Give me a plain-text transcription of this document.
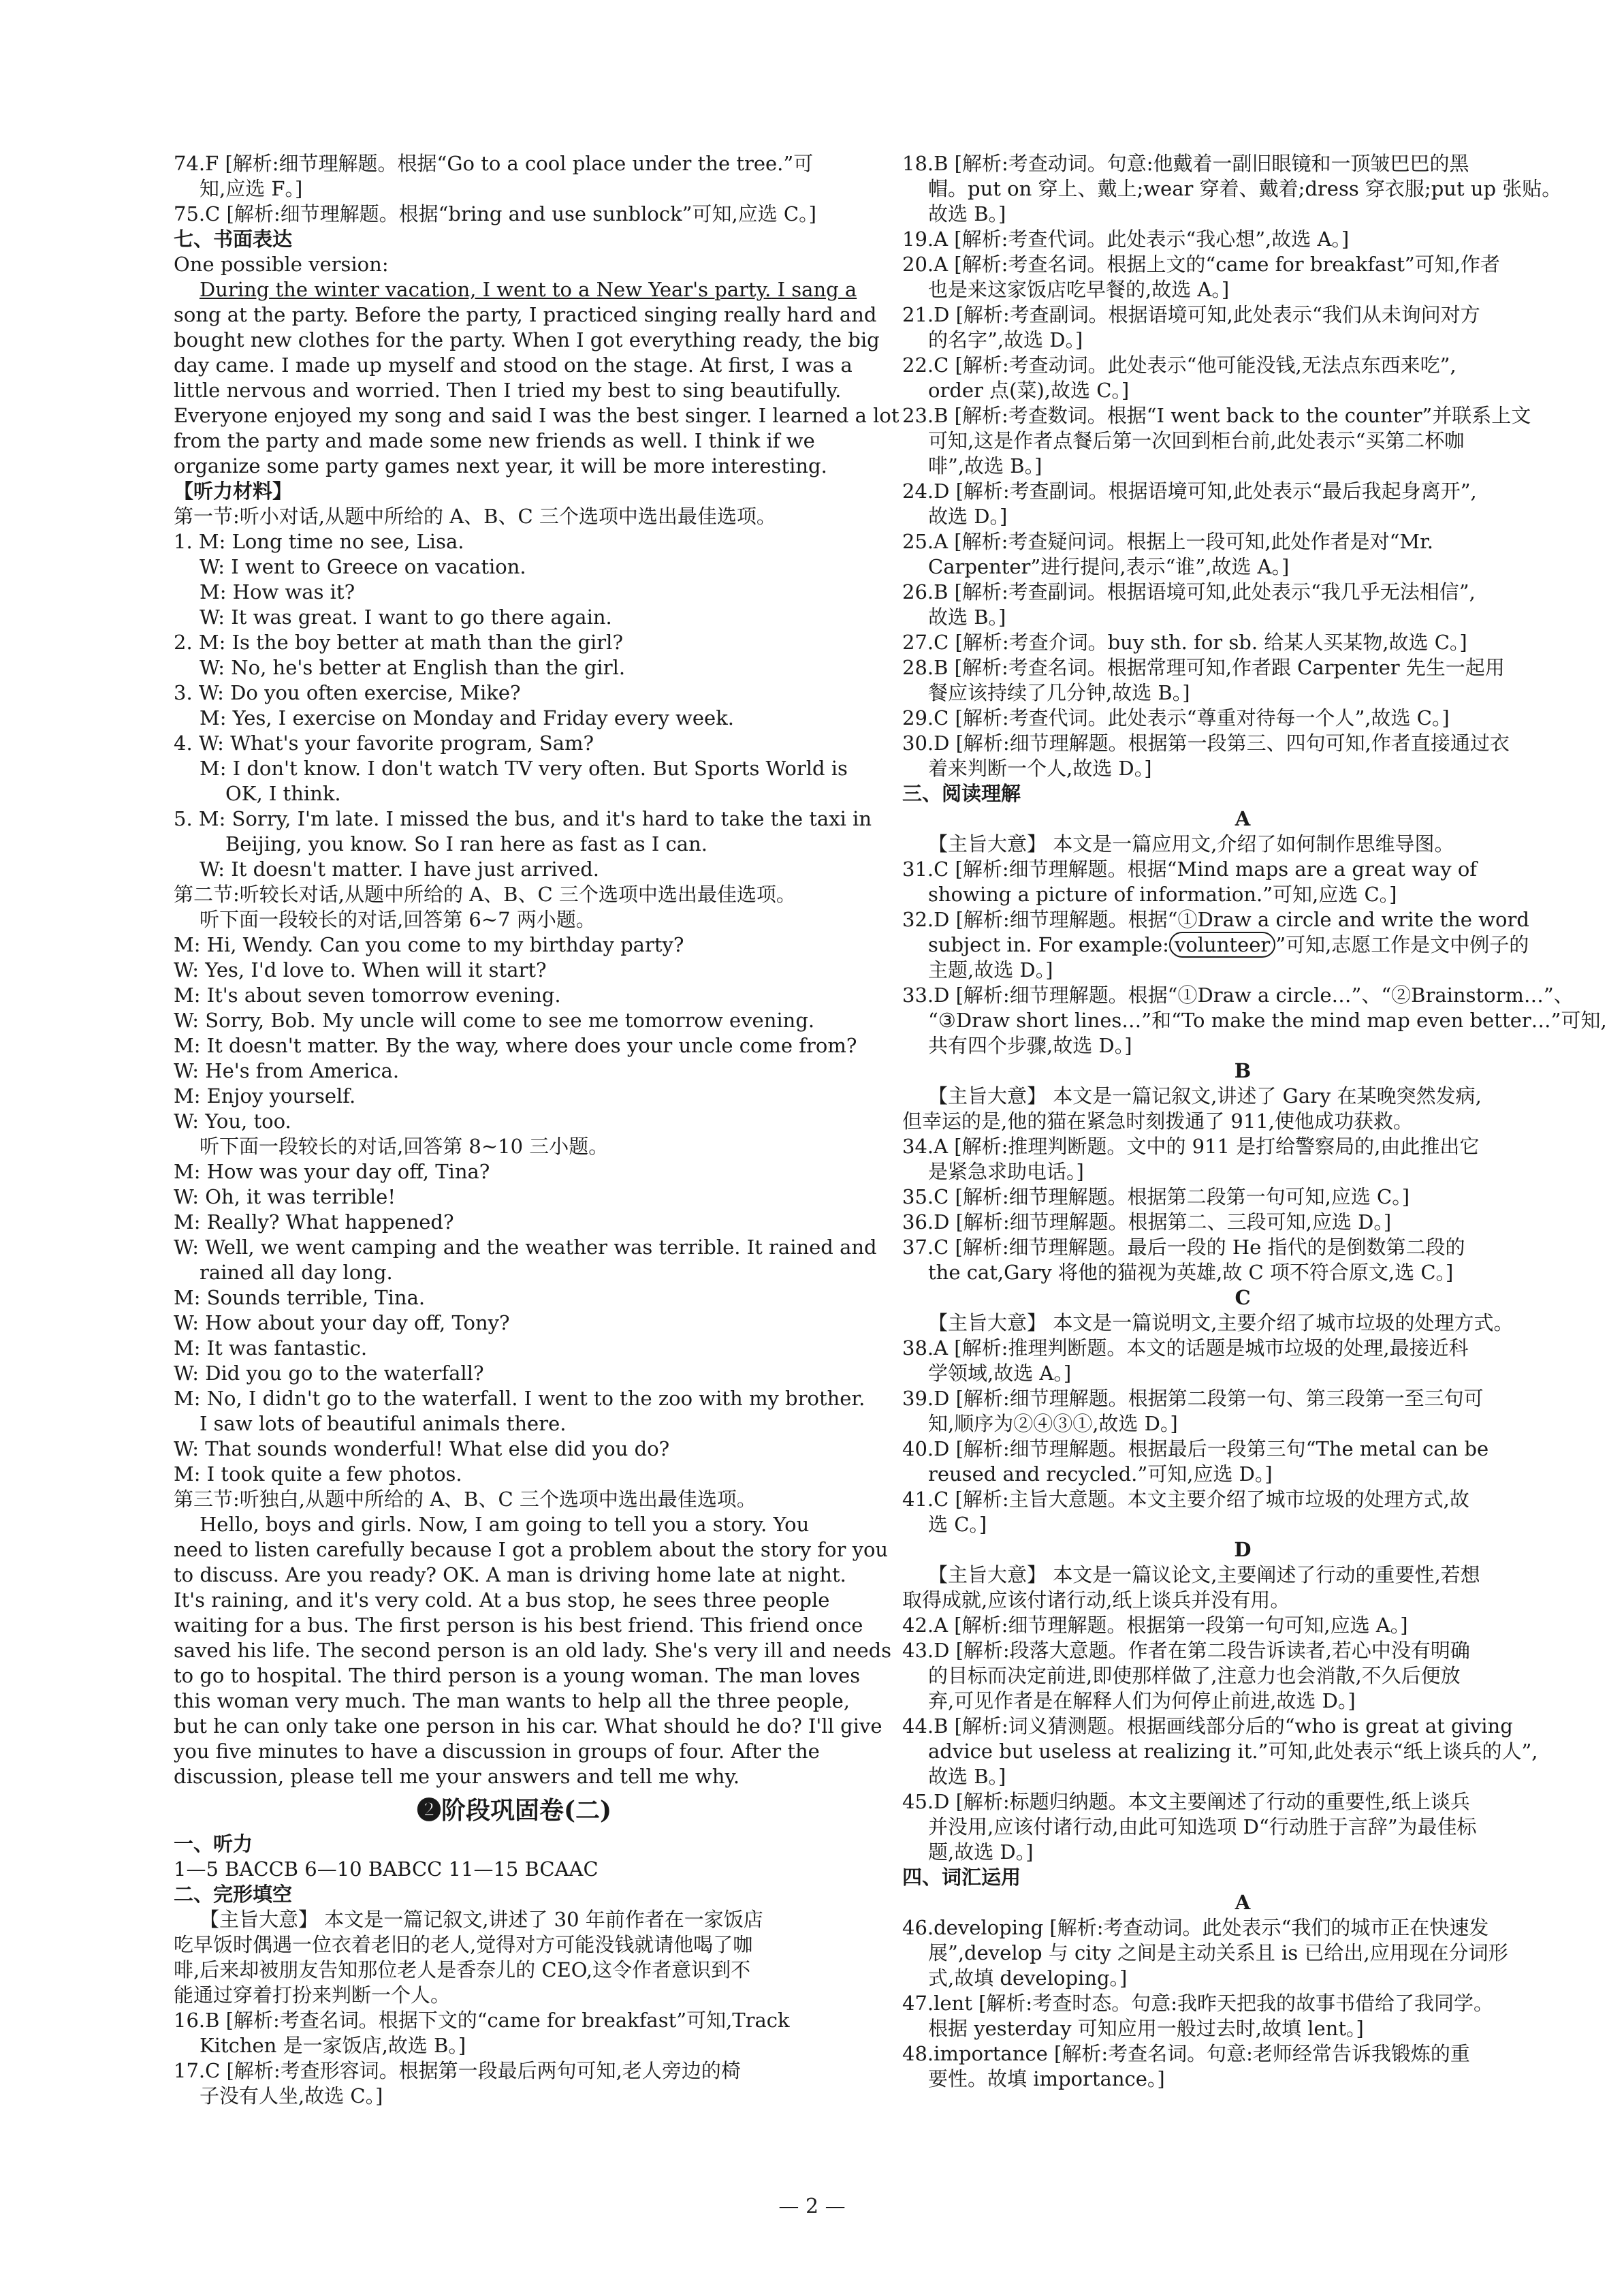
74.F [解析:细节理解题。根据“Go to a cool place under the tree.”可
知,应选 F。]
75.C [解析:细节理解题。根据“bring and use sunblock”可知,应选 C。]
七、书面表达
One possible version:
During the winter vacation, I went to a New Year's party. I sang a
song at the party. Before the party, I practiced singing really hard and
bought new clothes for the party. When I got everything ready, the big
day came. I made up myself and stood on the stage. At first, I was a
little nervous and worried. Then I tried my best to sing beautifully.
Everyone enjoyed my song and said I was the best singer. I learned a lot
from the party and made some new friends as well. I think if we
organize some party games next year, it will be more interesting.
【听力材料】
第一节:听小对话,从题中所给的 A、B、C 三个选项中选出最佳选项。
1. M: Long time no see, Lisa.
W: I went to Greece on vacation.
M: How was it?
W: It was great. I want to go there again.
2. M: Is the boy better at math than the girl?
W: No, he's better at English than the girl.
3. W: Do you often exercise, Mike?
M: Yes, I exercise on Monday and Friday every week.
4. W: What's your favorite program, Sam?
M: I don't know. I don't watch TV very often. But Sports World is
OK, I think.
5. M: Sorry, I'm late. I missed the bus, and it's hard to take the taxi in
Beijing, you know. So I ran here as fast as I can.
W: It doesn't matter. I have just arrived.
第二节:听较长对话,从题中所给的 A、B、C 三个选项中选出最佳选项。
听下面一段较长的对话,回答第 6~7 两小题。
M: Hi, Wendy. Can you come to my birthday party?
W: Yes, I'd love to. When will it start?
M: It's about seven tomorrow evening.
W: Sorry, Bob. My uncle will come to see me tomorrow evening.
M: It doesn't matter. By the way, where does your uncle come from?
W: He's from America.
M: Enjoy yourself.
W: You, too.
听下面一段较长的对话,回答第 8~10 三小题。
M: How was your day off, Tina?
W: Oh, it was terrible!
M: Really? What happened?
W: Well, we went camping and the weather was terrible. It rained and
rained all day long.
M: Sounds terrible, Tina.
W: How about your day off, Tony?
M: It was fantastic.
W: Did you go to the waterfall?
M: No, I didn't go to the waterfall. I went to the zoo with my brother.
I saw lots of beautiful animals there.
W: That sounds wonderful! What else did you do?
M: I took quite a few photos.
第三节:听独白,从题中所给的 A、B、C 三个选项中选出最佳选项。
Hello, boys and girls. Now, I am going to tell you a story. You
need to listen carefully because I got a problem about the story for you
to discuss. Are you ready? OK. A man is driving home late at night.
It's raining, and it's very cold. At a bus stop, he sees three people
waiting for a bus. The first person is his best friend. This friend once
saved his life. The second person is an old lady. She's very ill and needs
to go to hospital. The third person is a young woman. The man loves
this woman very much. The man wants to help all the three people,
but he can only take one person in his car. What should he do? I'll give
you five minutes to have a discussion in groups of four. After the
discussion, please tell me your answers and tell me why.
❷阶段巩固卷(二)
一、听力
1—5 BACCB 6—10 BABCC 11—15 BCAAC
二、完形填空
【主旨大意】 本文是一篇记叙文,讲述了 30 年前作者在一家饭店
吃早饭时偶遇一位衣着老旧的老人,觉得对方可能没钱就请他喝了咖
啡,后来却被朋友告知那位老人是香奈儿的 CEO,这令作者意识到不
能通过穿着打扮来判断一个人。
16.B [解析:考查名词。根据下文的“came for breakfast”可知,Track
Kitchen 是一家饭店,故选 B。]
17.C [解析:考查形容词。根据第一段最后两句可知,老人旁边的椅
子没有人坐,故选 C。]
18.B [解析:考查动词。句意:他戴着一副旧眼镜和一顶皱巴巴的黑
帽。put on 穿上、戴上;wear 穿着、戴着;dress 穿衣服;put up 张贴。
故选 B。]
19.A [解析:考查代词。此处表示“我心想”,故选 A。]
20.A [解析:考查名词。根据上文的“came for breakfast”可知,作者
也是来这家饭店吃早餐的,故选 A。]
21.D [解析:考查副词。根据语境可知,此处表示“我们从未询问对方
的名字”,故选 D。]
22.C [解析:考查动词。此处表示“他可能没钱,无法点东西来吃”,
order 点(菜),故选 C。]
23.B [解析:考查数词。根据“I went back to the counter”并联系上文
可知,这是作者点餐后第一次回到柜台前,此处表示“买第二杯咖
啡”,故选 B。]
24.D [解析:考查副词。根据语境可知,此处表示“最后我起身离开”,
故选 D。]
25.A [解析:考查疑问词。根据上一段可知,此处作者是对“Mr.
Carpenter”进行提问,表示“谁”,故选 A。]
26.B [解析:考查副词。根据语境可知,此处表示“我几乎无法相信”,
故选 B。]
27.C [解析:考查介词。buy sth. for sb. 给某人买某物,故选 C。]
28.B [解析:考查名词。根据常理可知,作者跟 Carpenter 先生一起用
餐应该持续了几分钟,故选 B。]
29.C [解析:考查代词。此处表示“尊重对待每一个人”,故选 C。]
30.D [解析:细节理解题。根据第一段第三、四句可知,作者直接通过衣
着来判断一个人,故选 D。]
三、阅读理解
A
【主旨大意】 本文是一篇应用文,介绍了如何制作思维导图。
31.C [解析:细节理解题。根据“Mind maps are a great way of
showing a picture of information.”可知,应选 C。]
32.D [解析:细节理解题。根据“①Draw a circle and write the word
subject in. For example: volunteer ”可知,志愿工作是文中例子的
主题,故选 D。]
33.D [解析:细节理解题。根据“①Draw a circle…”、“②Brainstorm…”、
“③Draw short lines…”和“To make the mind map even better…”可知,
共有四个步骤,故选 D。]
B
【主旨大意】 本文是一篇记叙文,讲述了 Gary 在某晚突然发病,
但幸运的是,他的猫在紧急时刻拨通了 911,使他成功获救。
34.A [解析:推理判断题。文中的 911 是打给警察局的,由此推出它
是紧急求助电话。]
35.C [解析:细节理解题。根据第二段第一句可知,应选 C。]
36.D [解析:细节理解题。根据第二、三段可知,应选 D。]
37.C [解析:细节理解题。最后一段的 He 指代的是倒数第二段的
the cat,Gary 将他的猫视为英雄,故 C 项不符合原文,选 C。]
C
【主旨大意】 本文是一篇说明文,主要介绍了城市垃圾的处理方式。
38.A [解析:推理判断题。本文的话题是城市垃圾的处理,最接近科
学领域,故选 A。]
39.D [解析:细节理解题。根据第二段第一句、第三段第一至三句可
知,顺序为②④③①,故选 D。]
40.D [解析:细节理解题。根据最后一段第三句“The metal can be
reused and recycled.”可知,应选 D。]
41.C [解析:主旨大意题。本文主要介绍了城市垃圾的处理方式,故
选 C。]
D
【主旨大意】 本文是一篇议论文,主要阐述了行动的重要性,若想
取得成就,应该付诸行动,纸上谈兵并没有用。
42.A [解析:细节理解题。根据第一段第一句可知,应选 A。]
43.D [解析:段落大意题。作者在第二段告诉读者,若心中没有明确
的目标而决定前进,即使那样做了,注意力也会消散,不久后便放
弃,可见作者是在解释人们为何停止前进,故选 D。]
44.B [解析:词义猜测题。根据画线部分后的“who is great at giving
advice but useless at realizing it.”可知,此处表示“纸上谈兵的人”,
故选 B。]
45.D [解析:标题归纳题。本文主要阐述了行动的重要性,纸上谈兵
并没用,应该付诸行动,由此可知选项 D“行动胜于言辞”为最佳标
题,故选 D。]
四、词汇运用
A
46.developing [解析:考查动词。此处表示“我们的城市正在快速发
展”,develop 与 city 之间是主动关系且 is 已给出,应用现在分词形
式,故填 developing。]
47.lent [解析:考查时态。句意:我昨天把我的故事书借给了我同学。
根据 yesterday 可知应用一般过去时,故填 lent。]
48.importance [解析:考查名词。句意:老师经常告诉我锻炼的重
要性。故填 importance。]
— 2 —
